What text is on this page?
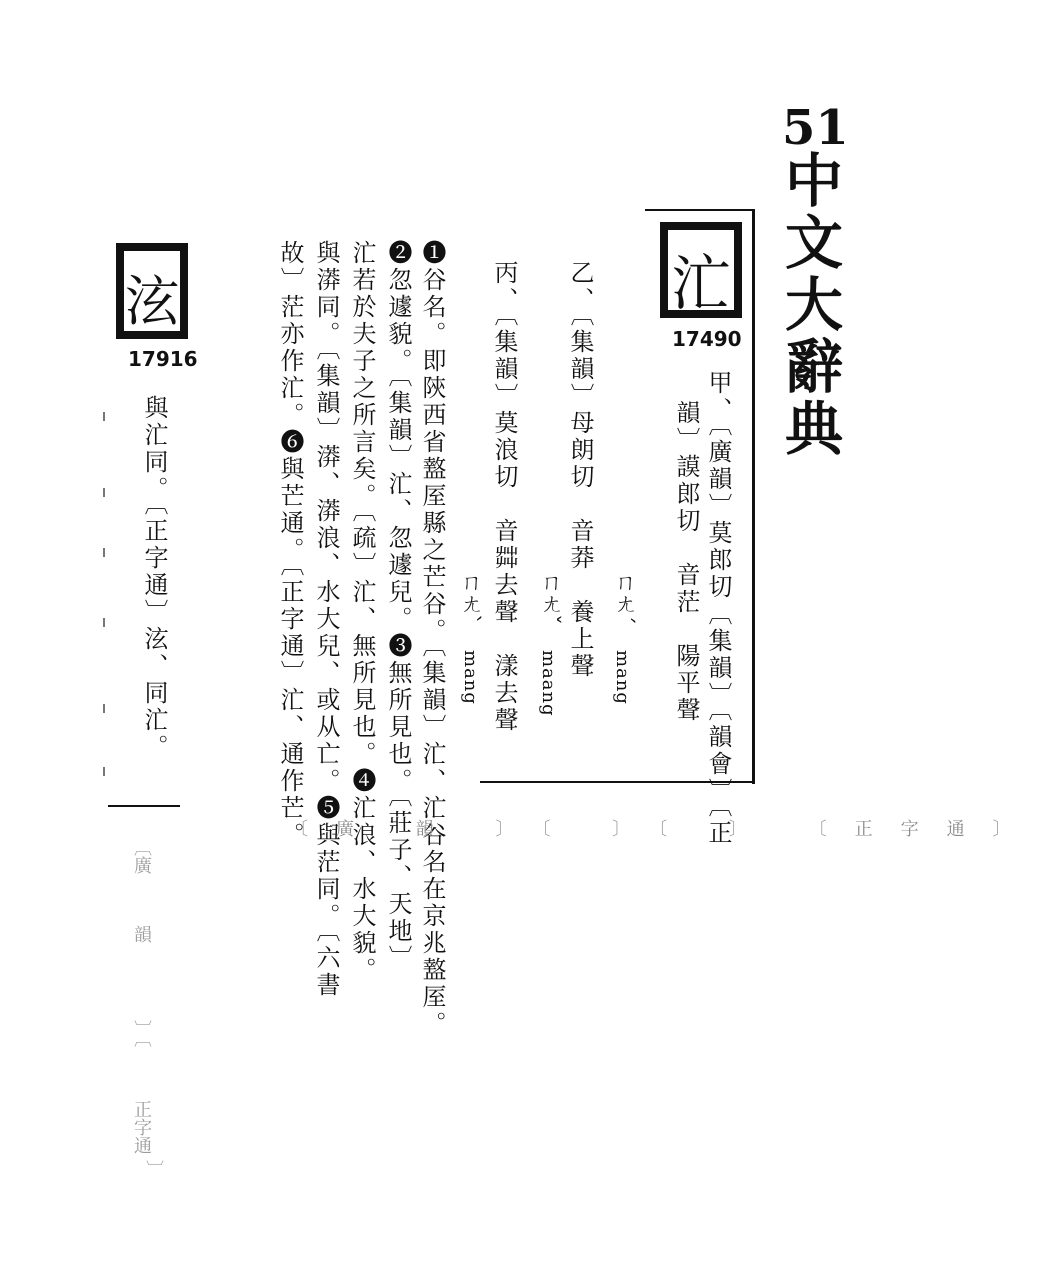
51
中文大辭典
汒
17490
甲、〔廣韻〕莫郎切〔集韻〕〔韻會〕〔正
韻〕謨郎切　音茫　陽平聲
ㄇㄤˊ
mang
乙、〔集韻〕母朗切　音莽　養上聲
ㄇㄤˇ
maang
丙、〔集韻〕莫浪切　音茻去聲　漾去聲
ㄇㄤˋ
mang
❶谷名。即陝西省盩厔縣之芒谷。〔集韻〕汒、汒谷名在京兆盩厔。
❷忽遽貌。〔集韻〕汒、忽遽兒。❸無所見也。〔莊子、天地〕
汒若於夫子之所言矣。〔疏〕汒、無所見也。❹汒浪、水大貌。
與漭同。〔集韻〕漭、漭浪、水大兒、或从亡。❺與茫同。〔六書
故〕茫亦作汒。❻與芒通。〔正字通〕汒、通作芒。
泫
17916
與汒同。〔正字通〕泫、同汒。
〔廣 韻 〕〔 〕〔 〕 〔正字通〕
〔廣
韻
〕〔
正字通
〕
